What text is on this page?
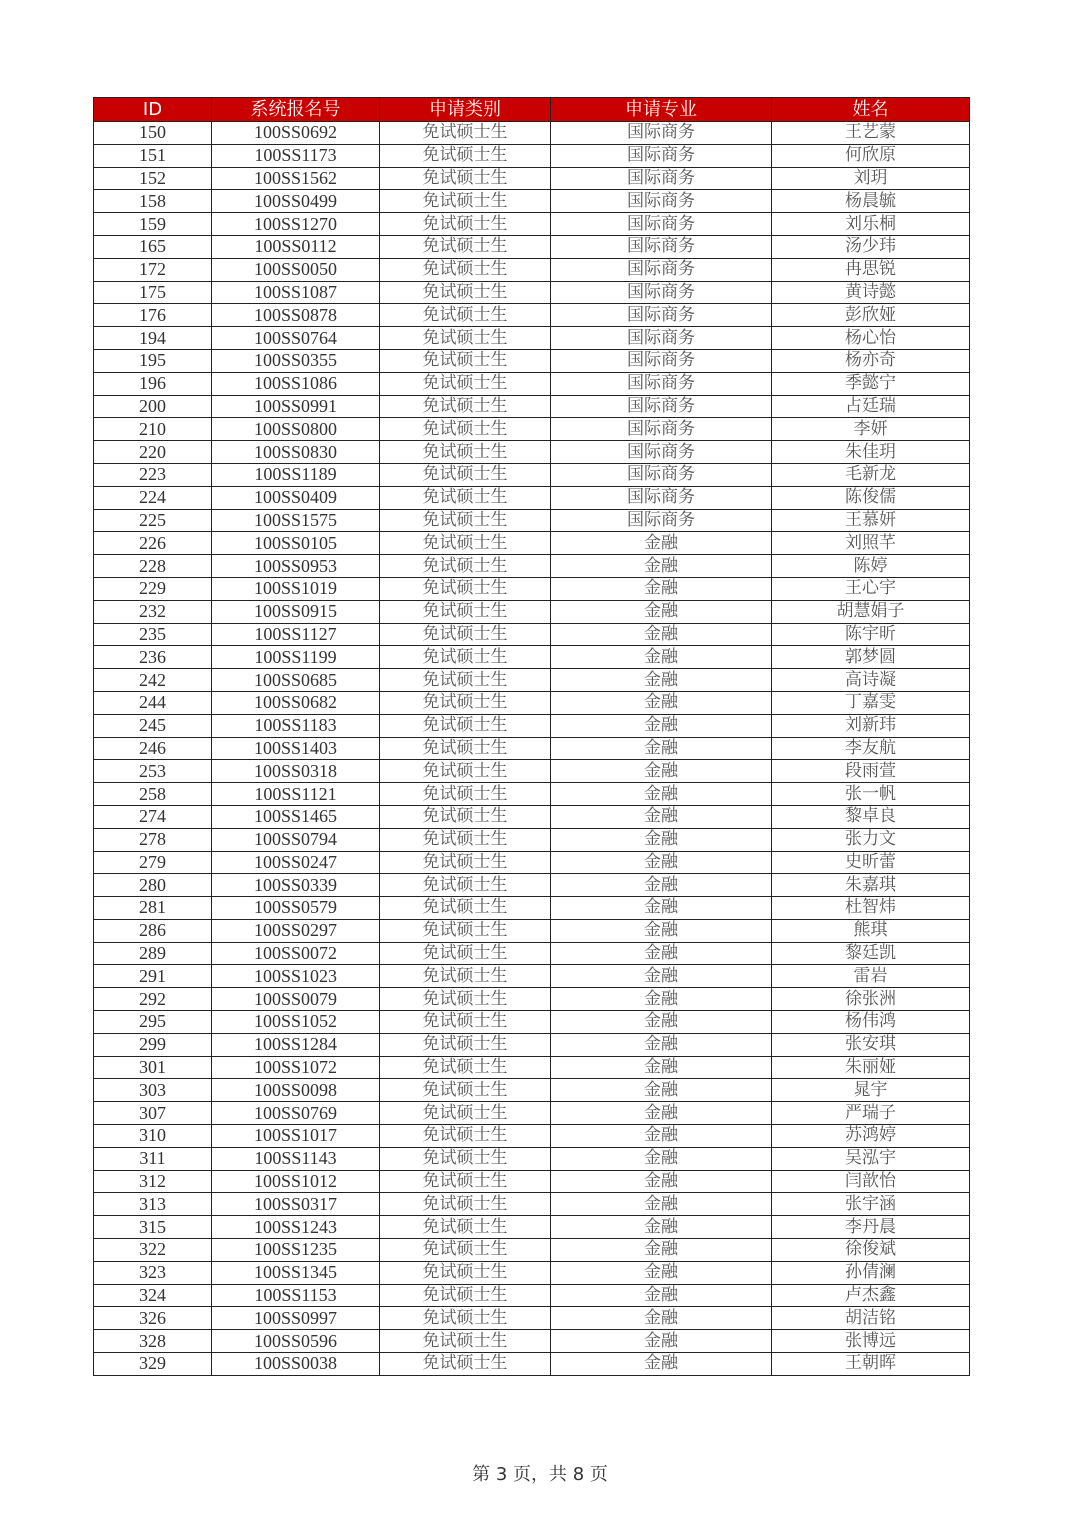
ID	系统报名号	申请类别	申请专业	姓名
150	100SS0692	免试硕士生	国际商务	王艺蒙
151	100SS1173	免试硕士生	国际商务	何欣原
152	100SS1562	免试硕士生	国际商务	刘玥
158	100SS0499	免试硕士生	国际商务	杨晨毓
159	100SS1270	免试硕士生	国际商务	刘乐桐
165	100SS0112	免试硕士生	国际商务	汤少玮
172	100SS0050	免试硕士生	国际商务	冉思锐
175	100SS1087	免试硕士生	国际商务	黄诗懿
176	100SS0878	免试硕士生	国际商务	彭欣娅
194	100SS0764	免试硕士生	国际商务	杨心怡
195	100SS0355	免试硕士生	国际商务	杨亦奇
196	100SS1086	免试硕士生	国际商务	季懿宁
200	100SS0991	免试硕士生	国际商务	占廷瑞
210	100SS0800	免试硕士生	国际商务	李妍
220	100SS0830	免试硕士生	国际商务	朱佳玥
223	100SS1189	免试硕士生	国际商务	毛新龙
224	100SS0409	免试硕士生	国际商务	陈俊儒
225	100SS1575	免试硕士生	国际商务	王慕妍
226	100SS0105	免试硕士生	金融	刘照芊
228	100SS0953	免试硕士生	金融	陈婷
229	100SS1019	免试硕士生	金融	王心宇
232	100SS0915	免试硕士生	金融	胡慧娟子
235	100SS1127	免试硕士生	金融	陈宇昕
236	100SS1199	免试硕士生	金融	郭梦圆
242	100SS0685	免试硕士生	金融	高诗凝
244	100SS0682	免试硕士生	金融	丁嘉雯
245	100SS1183	免试硕士生	金融	刘新玮
246	100SS1403	免试硕士生	金融	李友航
253	100SS0318	免试硕士生	金融	段雨萱
258	100SS1121	免试硕士生	金融	张一帆
274	100SS1465	免试硕士生	金融	黎卓良
278	100SS0794	免试硕士生	金融	张力文
279	100SS0247	免试硕士生	金融	史昕蕾
280	100SS0339	免试硕士生	金融	朱嘉琪
281	100SS0579	免试硕士生	金融	杜智炜
286	100SS0297	免试硕士生	金融	熊琪
289	100SS0072	免试硕士生	金融	黎廷凯
291	100SS1023	免试硕士生	金融	雷岩
292	100SS0079	免试硕士生	金融	徐张洲
295	100SS1052	免试硕士生	金融	杨伟鸿
299	100SS1284	免试硕士生	金融	张安琪
301	100SS1072	免试硕士生	金融	朱丽娅
303	100SS0098	免试硕士生	金融	晁宇
307	100SS0769	免试硕士生	金融	严瑞子
310	100SS1017	免试硕士生	金融	苏鸿婷
311	100SS1143	免试硕士生	金融	吴泓宇
312	100SS1012	免试硕士生	金融	闫歆怡
313	100SS0317	免试硕士生	金融	张宇涵
315	100SS1243	免试硕士生	金融	李丹晨
322	100SS1235	免试硕士生	金融	徐俊斌
323	100SS1345	免试硕士生	金融	孙倩澜
324	100SS1153	免试硕士生	金融	卢杰鑫
326	100SS0997	免试硕士生	金融	胡洁铭
328	100SS0596	免试硕士生	金融	张博远
329	100SS0038	免试硕士生	金融	王朝晖
第 3 页，共 8 页
